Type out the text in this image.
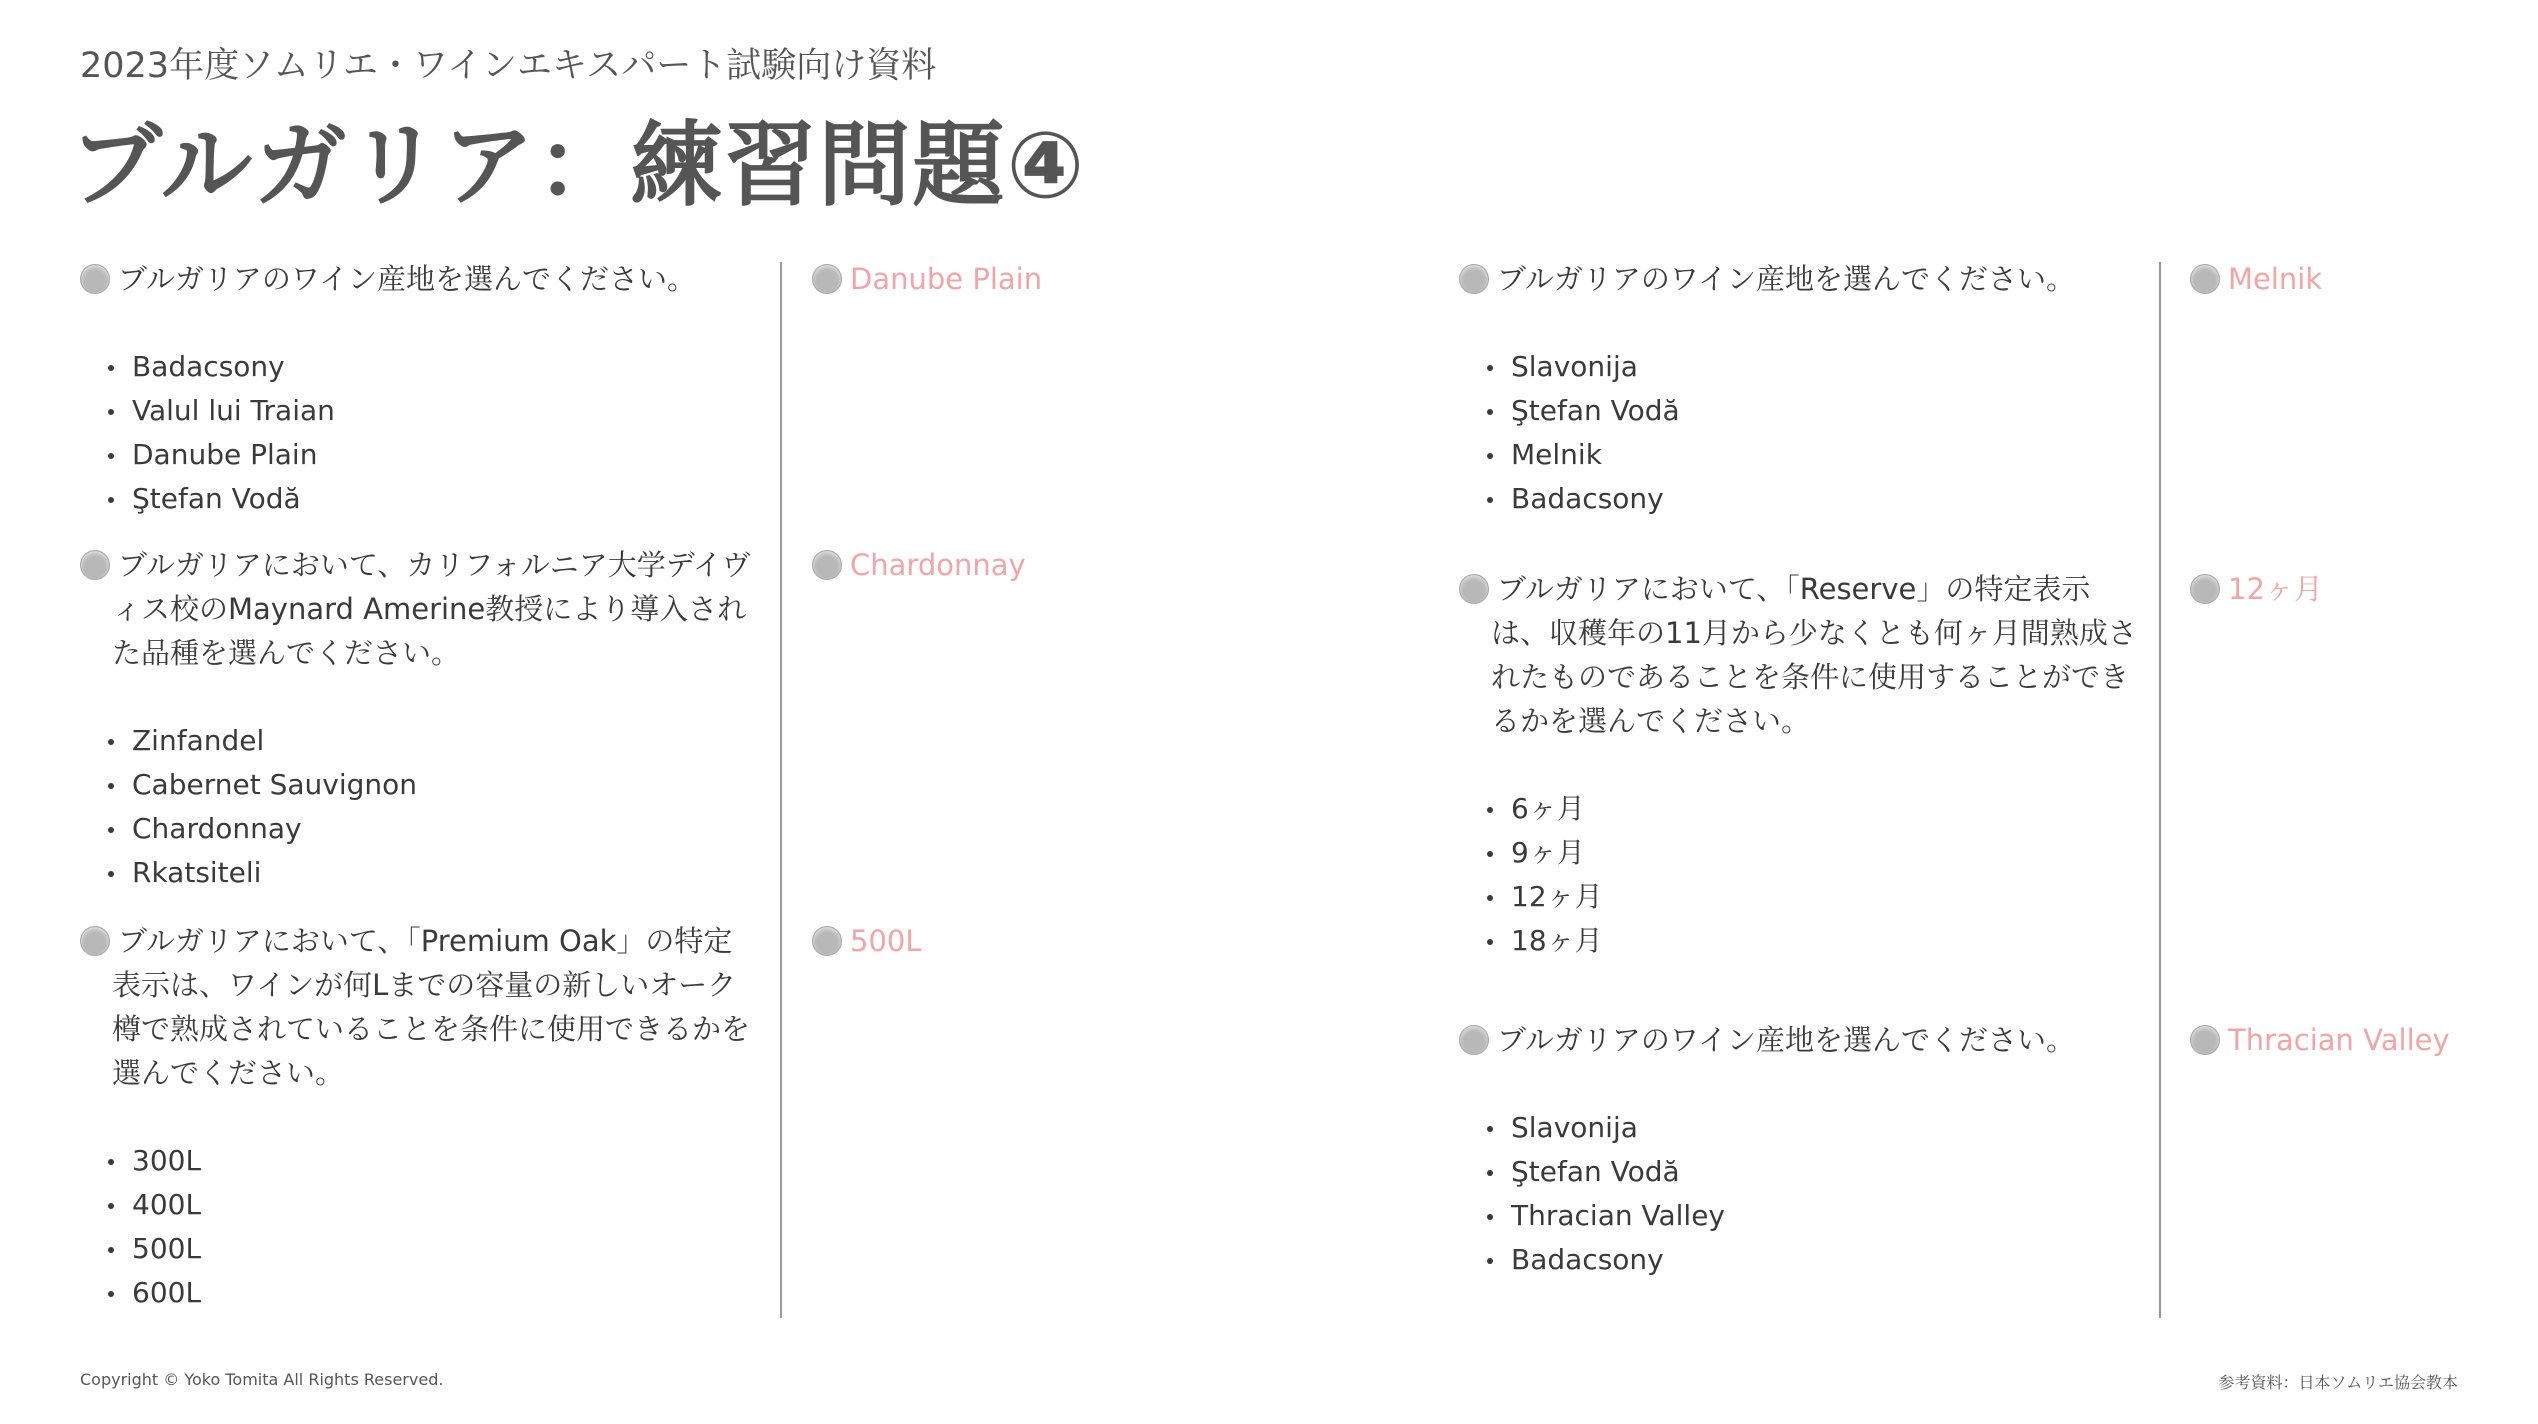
2023年度ソムリエ・ワインエキスパート試験向け資料
ブルガリア：練習問題④
ブルガリアのワイン産地を選んでください。
Badacsony
Valul lui Traian
Danube Plain
Ştefan Vodă
Danube Plain
ブルガリアにおいて、カリフォルニア大学デイヴィス校のMaynard Amerine教授により導入された品種を選んでください。
Zinfandel
Cabernet Sauvignon
Chardonnay
Rkatsiteli
Chardonnay
ブルガリアにおいて、「Premium Oak」の特定表示は、ワインが何Lまでの容量の新しいオーク樽で熟成されていることを条件に使用できるかを選んでください。
300L
400L
500L
600L
500L
ブルガリアのワイン産地を選んでください。
Slavonija
Ştefan Vodă
Melnik
Badacsony
Melnik
ブルガリアにおいて、「Reserve」の特定表示は、収穫年の11月から少なくとも何ヶ月間熟成されたものであることを条件に使用することができるかを選んでください。
6ヶ月
9ヶ月
12ヶ月
18ヶ月
12ヶ月
ブルガリアのワイン産地を選んでください。
Slavonija
Ştefan Vodă
Thracian Valley
Badacsony
Thracian Valley
Copyright © Yoko Tomita All Rights Reserved.	参考資料：日本ソムリエ協会教本
